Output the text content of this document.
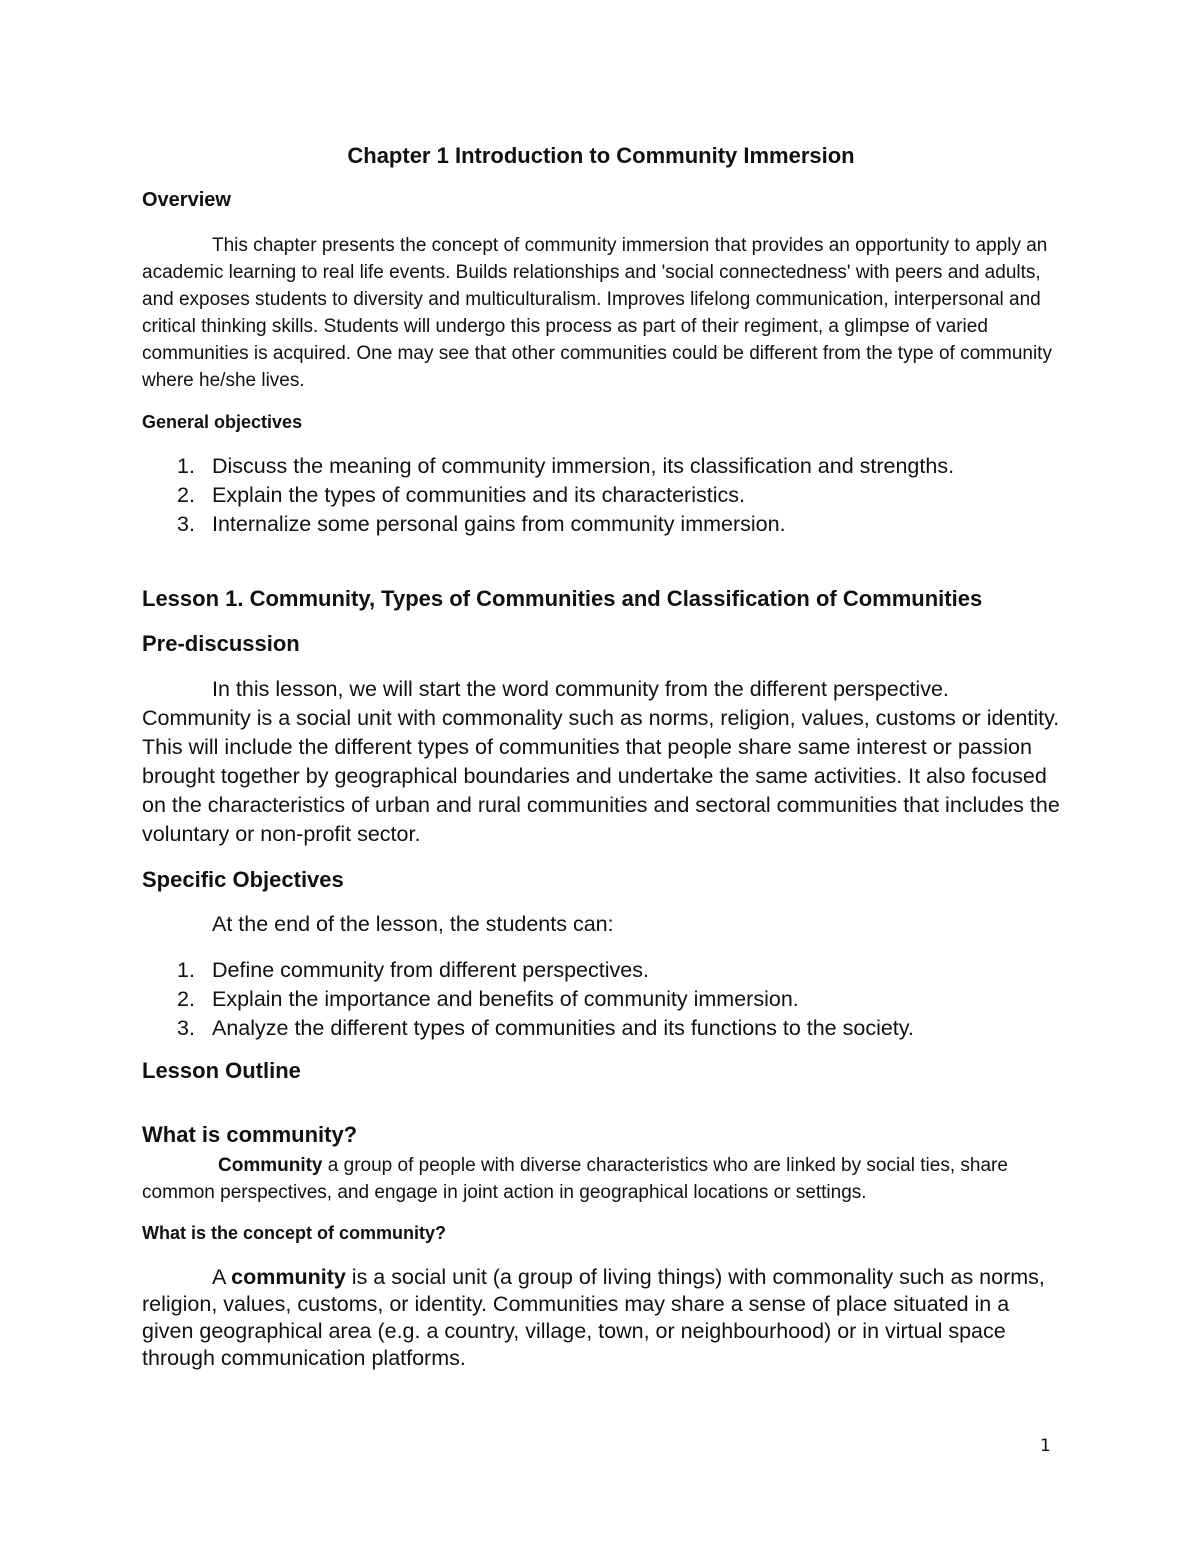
Chapter 1 Introduction to Community Immersion
Overview

This chapter presents the concept of community immersion that provides an opportunity to apply an academic learning to real life events. Builds relationships and 'social connectedness' with peers and adults, and exposes students to diversity and multiculturalism. Improves lifelong communication, interpersonal and critical thinking skills. Students will undergo this process as part of their regiment, a glimpse of varied communities is acquired. One may see that other communities could be different from the type of community where he/she lives.

General objectives
1. Discuss the meaning of community immersion, its classification and strengths.
2. Explain the types of communities and its characteristics.
3. Internalize some personal gains from community immersion.
Lesson 1. Community, Types of Communities and Classification of Communities
Pre-discussion

In this lesson, we will start the word community from the different perspective. Community is a social unit with commonality such as norms, religion, values, customs or identity. This will include the different types of communities that people share same interest or passion brought together by geographical boundaries and undertake the same activities. It also focused on the characteristics of urban and rural communities and sectoral communities that includes the voluntary or non-profit sector.

Specific Objectives

At the end of the lesson, the students can:

1. Define community from different perspectives.
2. Explain the importance and benefits of community immersion.
3. Analyze the different types of communities and its functions to the society.
Lesson Outline
What is community?

Community a group of people with diverse characteristics who are linked by social ties, share common perspectives, and engage in joint action in geographical locations or settings.

What is the concept of community?

A community is a social unit (a group of living things) with commonality such as norms, religion, values, customs, or identity. Communities may share a sense of place situated in a given geographical area (e.g. a country, village, town, or neighbourhood) or in virtual space through communication platforms.

1
